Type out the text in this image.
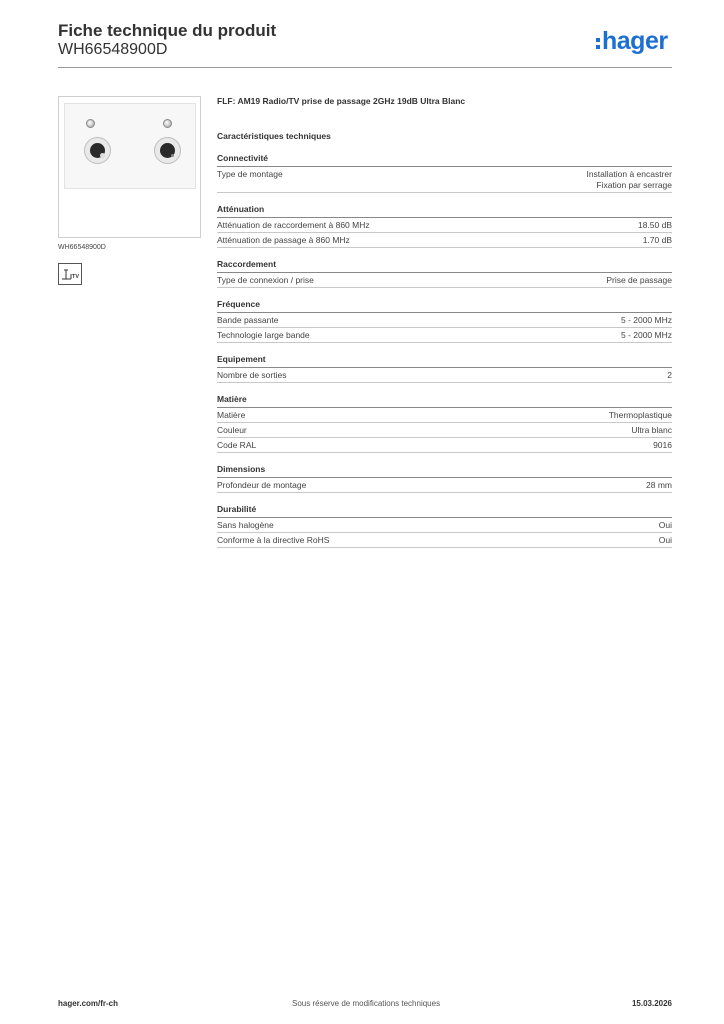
Fiche technique du produit
WH66548900D	hager
WH66548900D
TV
FLF: AM19 Radio/TV prise de passage 2GHz 19dB Ultra Blanc
Caractéristiques techniques
Connectivité
Type de montage	Installation à encastrer
Fixation par serrage
Atténuation
Atténuation de raccordement à 860 MHz	18.50 dB
Atténuation de passage à 860 MHz	1.70 dB
Raccordement
Type de connexion / prise	Prise de passage
Fréquence
Bande passante	5 - 2000 MHz
Technologie large bande	5 - 2000 MHz
Equipement
Nombre de sorties	2
Matière
Matière	Thermoplastique
Couleur	Ultra blanc
Code RAL	9016
Dimensions
Profondeur de montage	28 mm
Durabilité
Sans halogène	Oui
Conforme à la directive RoHS	Oui
hager.com/fr-ch	Sous réserve de modifications techniques	15.03.2026
